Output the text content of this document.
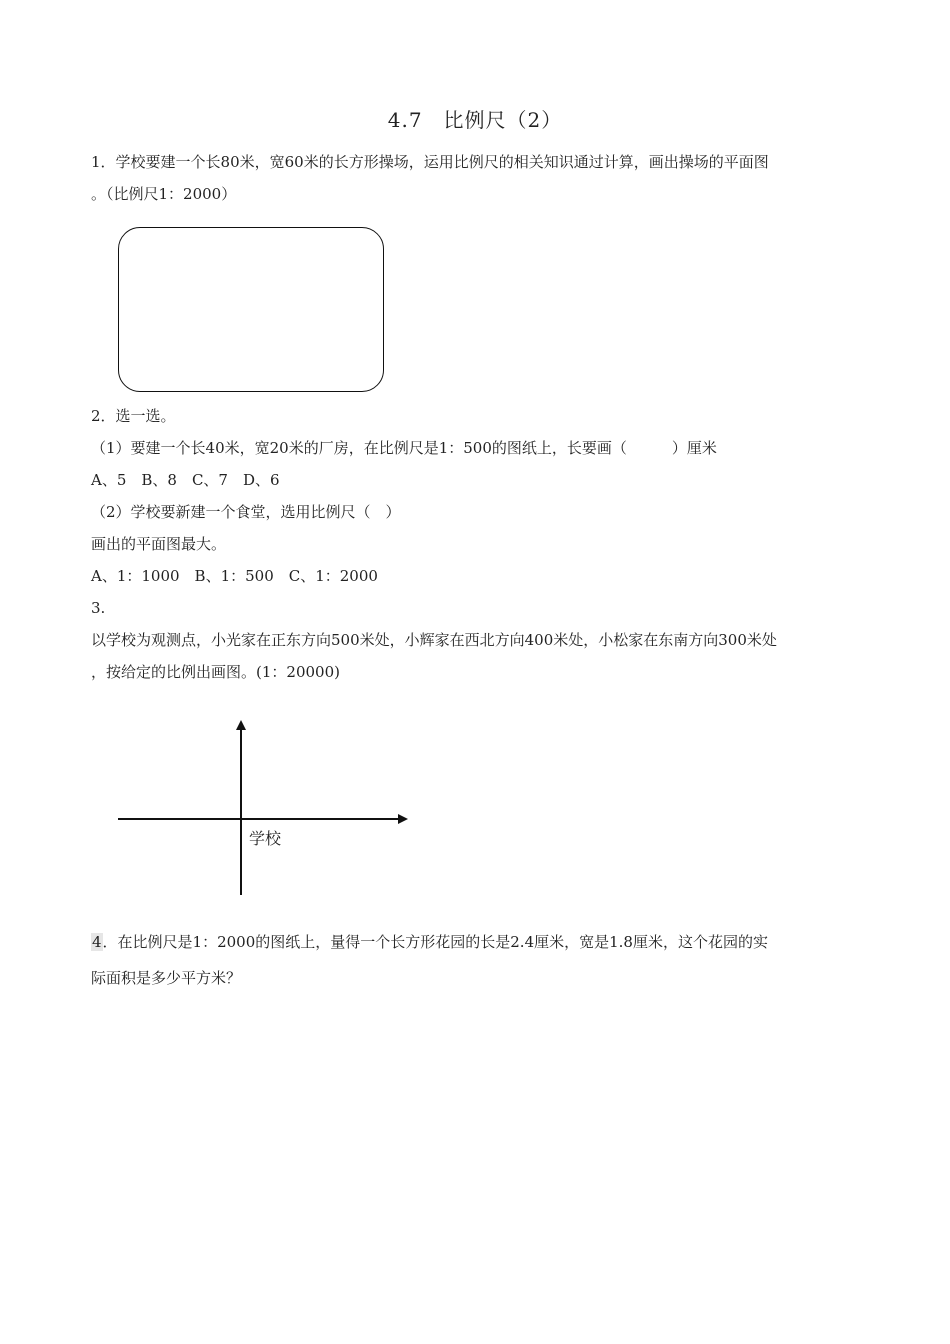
4.7　比例尺（2）
1．学校要建一个长80米，宽60米的长方形操场，运用比例尺的相关知识通过计算，画出操场的平面图
。（比例尺1：2000）
2．选一选。
（1）要建一个长40米，宽20米的厂房，在比例尺是1：500的图纸上，长要画（　　　）厘米
A、5　B、8　C、7　D、6
（2）学校要新建一个食堂，选用比例尺（　）
画出的平面图最大。
A、1：1000　B、1：500　C、1：2000
3.
以学校为观测点，小光家在正东方向500米处，小辉家在西北方向400米处，小松家在东南方向300米处
，按给定的比例出画图。(1：20000)
学校
4．在比例尺是1：2000的图纸上，量得一个长方形花园的长是2.4厘米，宽是1.8厘米，这个花园的实
际面积是多少平方米？
